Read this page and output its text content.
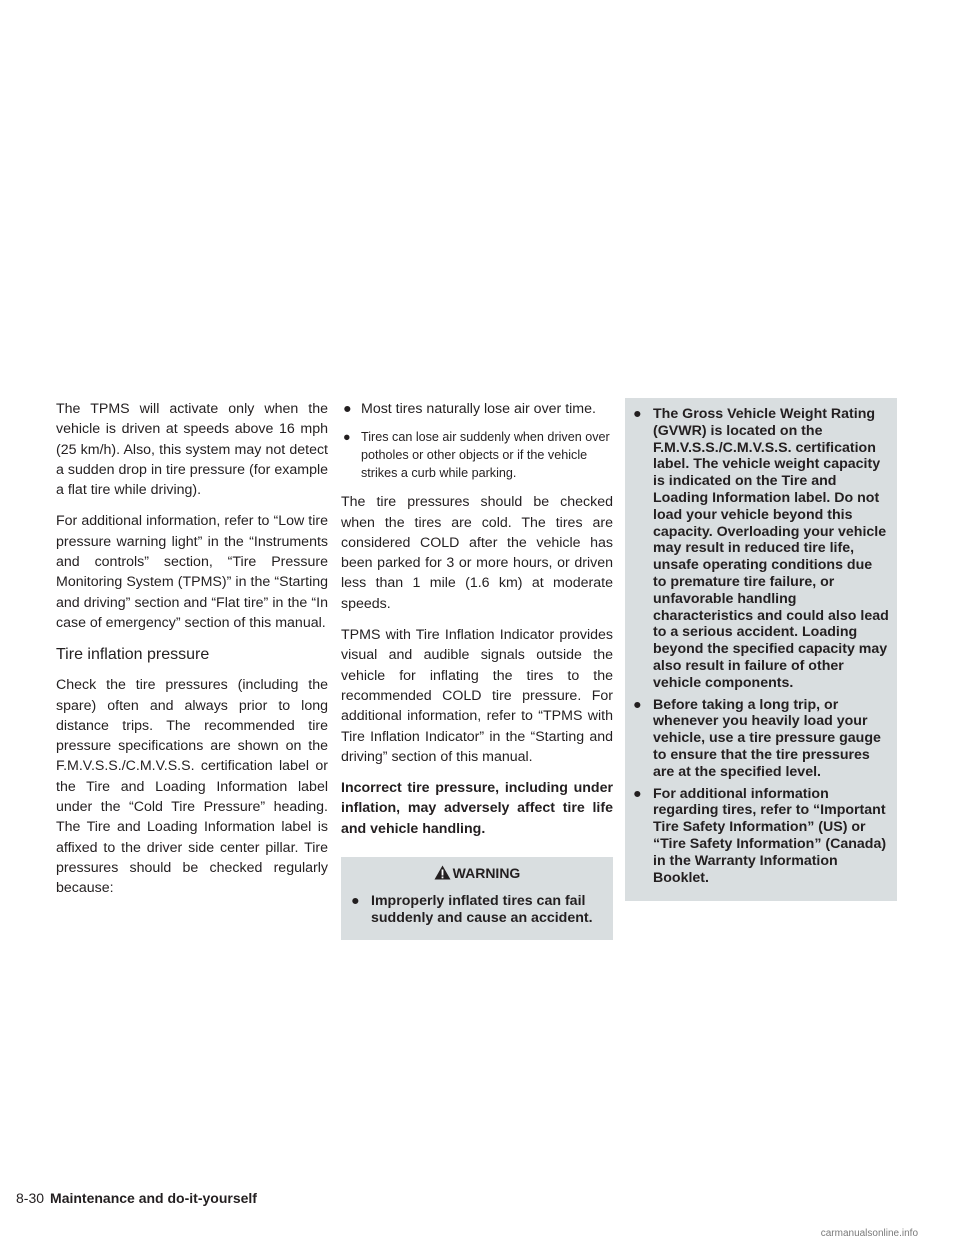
The TPMS will activate only when the vehicle is driven at speeds above 16 mph (25 km/h). Also, this system may not detect a sudden drop in tire pressure (for example a flat tire while driving).

For additional information, refer to “Low tire pressure warning light” in the “Instruments and controls” section, “Tire Pressure Monitoring System (TPMS)” in the “Starting and driving” section and “Flat tire” in the “In case of emergency” section of this manual.

Tire inflation pressure

Check the tire pressures (including the spare) often and always prior to long distance trips. The recommended tire pressure specifications are shown on the F.M.V.S.S./C.M.V.S.S. certification label or the Tire and Loading Information label under the “Cold Tire Pressure” heading. The Tire and Loading Information label is affixed to the driver side center pillar. Tire pressures should be checked regularly because:

● Most tires naturally lose air over time.
● Tires can lose air suddenly when driven over potholes or other objects or if the vehicle strikes a curb while parking.

The tire pressures should be checked when the tires are cold. The tires are considered COLD after the vehicle has been parked for 3 or more hours, or driven less than 1 mile (1.6 km) at moderate speeds.

TPMS with Tire Inflation Indicator provides visual and audible signals outside the vehicle for inflating the tires to the recommended COLD tire pressure. For additional information, refer to “TPMS with Tire Inflation Indicator” in the “Starting and driving” section of this manual.

Incorrect tire pressure, including under inflation, may adversely affect tire life and vehicle handling.

WARNING
● Improperly inflated tires can fail suddenly and cause an accident.
● The Gross Vehicle Weight Rating (GVWR) is located on the F.M.V.S.S./C.M.V.S.S. certification label. The vehicle weight capacity is indicated on the Tire and Loading Information label. Do not load your vehicle beyond this capacity. Overloading your vehicle may result in reduced tire life, unsafe operating conditions due to premature tire failure, or unfavorable handling characteristics and could also lead to a serious accident. Loading beyond the specified capacity may also result in failure of other vehicle components.
● Before taking a long trip, or whenever you heavily load your vehicle, use a tire pressure gauge to ensure that the tire pressures are at the specified level.
● For additional information regarding tires, refer to “Important Tire Safety Information” (US) or “Tire Safety Information” (Canada) in the Warranty Information Booklet.
8-30 Maintenance and do-it-yourself
carmanualsonline.info
